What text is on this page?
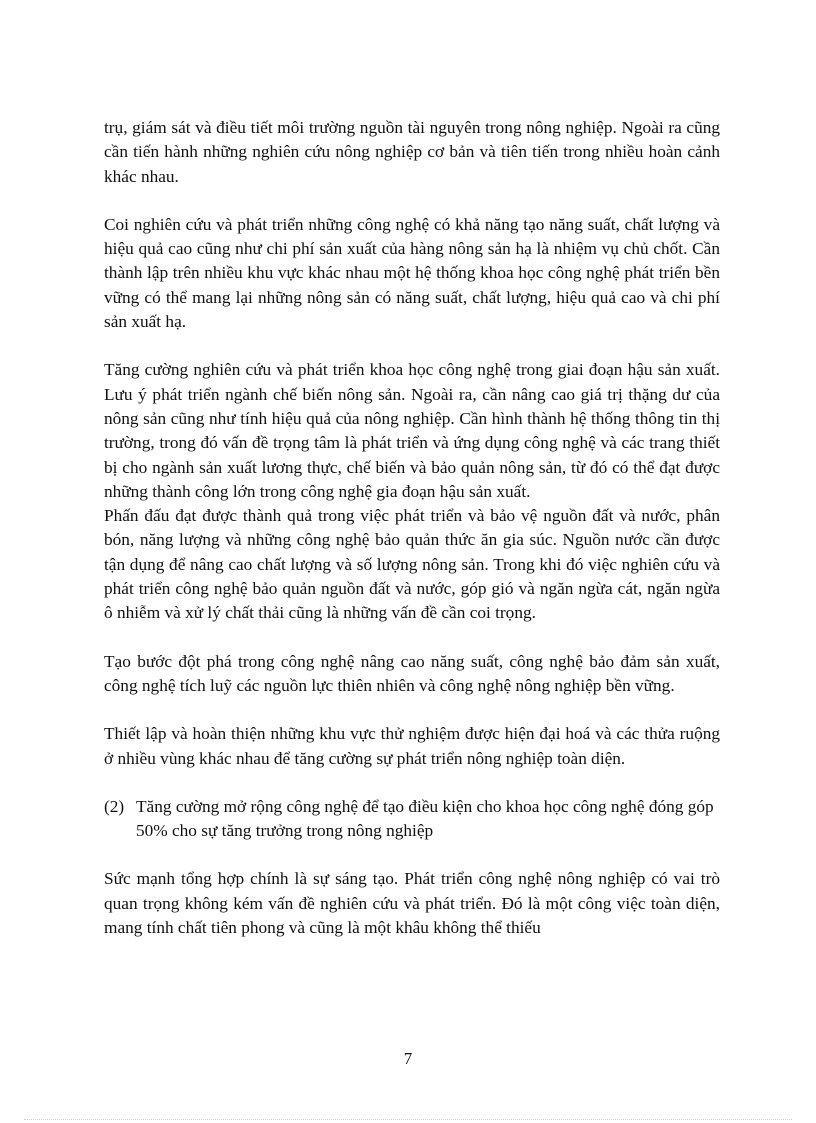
trụ, giám sát và điều tiết môi trường nguồn tài nguyên trong nông nghiệp. Ngoài ra cũng cần tiến hành những nghiên cứu nông nghiệp cơ bản và tiên tiến trong nhiều hoàn cảnh khác nhau.

Coi nghiên cứu và phát triển những công nghệ có khả năng tạo năng suất, chất lượng và hiệu quả cao cũng như chi phí sản xuất của hàng nông sản hạ là nhiệm vụ chủ chốt. Cần thành lập trên nhiều khu vực khác nhau một hệ thống khoa học công nghệ phát triển bền vững có thể mang lại những nông sản có năng suất, chất lượng, hiệu quả cao và chi phí sản xuất hạ.

Tăng cường nghiên cứu và phát triển khoa học công nghệ trong giai đoạn hậu sản xuất. Lưu ý phát triển ngành chế biến nông sản. Ngoài ra, cần nâng cao giá trị thặng dư của nông sản cũng như tính hiệu quả của nông nghiệp. Cần hình thành hệ thống thông tin thị trường, trong đó vấn đề trọng tâm là phát triển và ứng dụng công nghệ và các trang thiết bị cho ngành sản xuất lương thực, chế biến và bảo quản nông sản, từ đó có thể đạt được những thành công lớn trong công nghệ gia đoạn hậu sản xuất.

Phấn đấu đạt được thành quả trong việc phát triển và bảo vệ nguồn đất và nước, phân bón, năng lượng và những công nghệ bảo quản thức ăn gia súc. Nguồn nước cần được tận dụng để nâng cao chất lượng và số lượng nông sản. Trong khi đó việc nghiên cứu và phát triển công nghệ bảo quản nguồn đất và nước, góp gió và ngăn ngừa cát, ngăn ngừa ô nhiễm và xử lý chất thải cũng là những vấn đề cần coi trọng.

Tạo bước đột phá trong công nghệ nâng cao năng suất, công nghệ bảo đảm sản xuất, công nghệ tích luỹ các nguồn lực thiên nhiên và công nghệ nông nghiệp bền vững.

Thiết lập và hoàn thiện những khu vực thử nghiệm được hiện đại hoá và các thửa ruộng ở nhiều vùng khác nhau để tăng cường sự phát triển nông nghiệp toàn diện.

(2) Tăng cường mở rộng công nghệ để tạo điều kiện cho khoa học công nghệ đóng góp 50% cho sự tăng trưởng trong nông nghiệp

Sức mạnh tổng hợp chính là sự sáng tạo. Phát triển công nghệ nông nghiệp có vai trò quan trọng không kém vấn đề nghiên cứu và phát triển. Đó là một công việc toàn diện, mang tính chất tiên phong và cũng là một khâu không thể thiếu

7
